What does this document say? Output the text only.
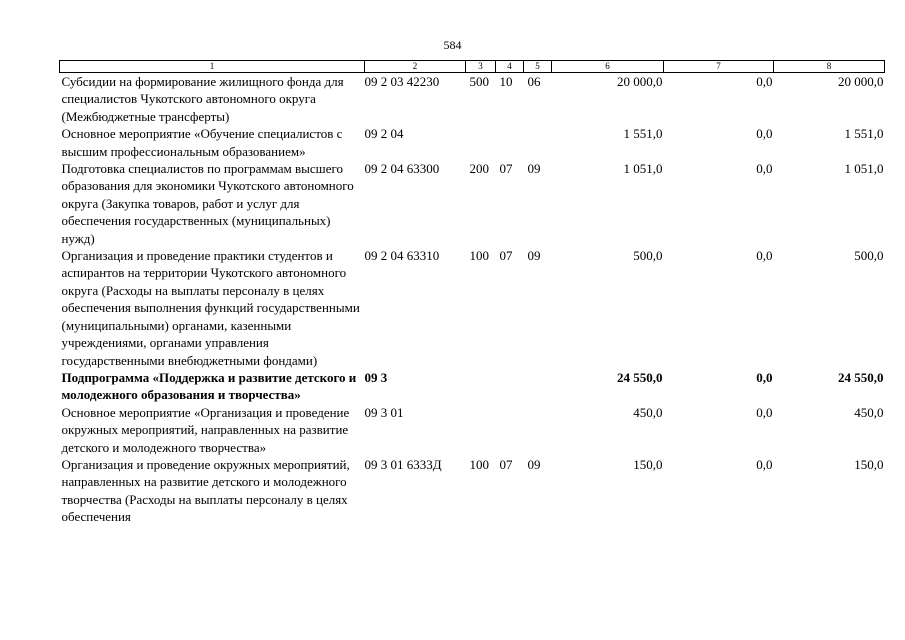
584
1	2	3	4	5	6	7	8
Субсидии на формирование жилищного фонда для специалистов Чукотского автономного округа (Межбюджетные трансферты)	09 2 03 42230	500	10	06	20 000,0	0,0	20 000,0
Основное мероприятие «Обучение специалистов с высшим профессиональным образованием»	09 2 04				1 551,0	0,0	1 551,0
Подготовка специалистов по программам высшего образования для экономики Чукотского автономного округа (Закупка товаров, работ и услуг для обеспечения государственных (муниципальных) нужд)	09 2 04 63300	200	07	09	1 051,0	0,0	1 051,0
Организация и проведение практики студентов и аспирантов на территории Чукотского автономного округа (Расходы на выплаты персоналу в целях обеспечения выполнения функций государственными (муниципальными) органами, казенными учреждениями, органами управления государственными внебюджетными фондами)	09 2 04 63310	100	07	09	500,0	0,0	500,0
Подпрограмма «Поддержка и развитие детского и молодежного образования и творчества»	09 3				24 550,0	0,0	24 550,0
Основное мероприятие «Организация и проведение окружных мероприятий, направленных на развитие детского и молодежного творчества»	09 3 01				450,0	0,0	450,0
Организация и проведение окружных мероприятий, направленных на развитие детского и молодежного творчества (Расходы на выплаты персоналу в целях обеспечения	09 3 01 6333Д	100	07	09	150,0	0,0	150,0
